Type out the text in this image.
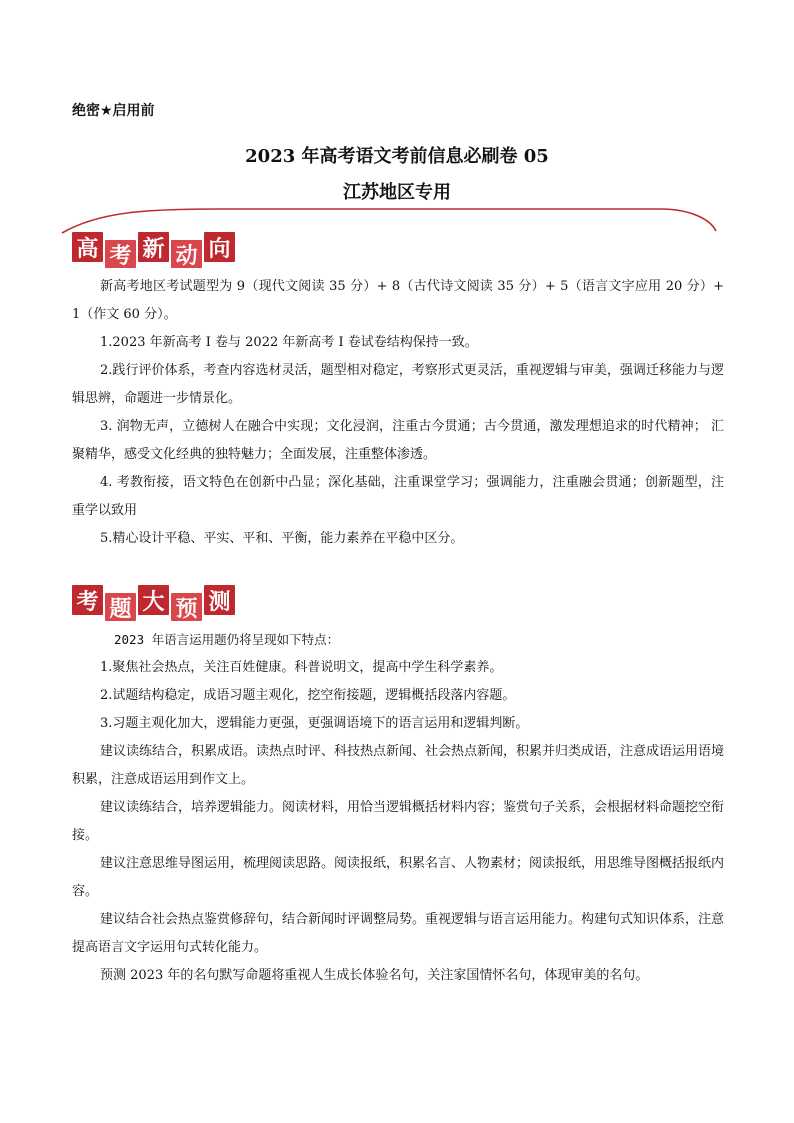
绝密★启用前
2023 年高考语文考前信息必刷卷 05
江苏地区专用
高 考 新 动 向

新高考地区考试题型为 9（现代文阅读 35 分）+ 8（古代诗文阅读 35 分）+ 5（语言文字应用 20 分）+ 1（作文 60 分）。

1.2023 年新高考 I 卷与 2022 年新高考 I 卷试卷结构保持一致。

2.践行评价体系，考查内容选材灵活，题型相对稳定，考察形式更灵活，重视逻辑与审美，强调迁移能力与逻辑思辨，命题进一步情景化。

3. 润物无声，立德树人在融合中实现；文化浸润，注重古今贯通；古今贯通，激发理想追求的时代精神； 汇聚精华，感受文化经典的独特魅力；全面发展，注重整体渗透。

4. 考教衔接，语文特色在创新中凸显；深化基础，注重课堂学习；强调能力，注重融会贯通；创新题型，注重学以致用

5.精心设计平稳、平实、平和、平衡，能力素养在平稳中区分。

考 题 大 预 测

2023 年语言运用题仍将呈现如下特点：

1.聚焦社会热点，关注百姓健康。科普说明文，提高中学生科学素养。

2.试题结构稳定，成语习题主观化，挖空衔接题，逻辑概括段落内容题。

3.习题主观化加大，逻辑能力更强，更强调语境下的语言运用和逻辑判断。

建议读练结合，积累成语。读热点时评、科技热点新闻、社会热点新闻，积累并归类成语，注意成语运用语境积累，注意成语运用到作文上。

建议读练结合，培养逻辑能力。阅读材料，用恰当逻辑概括材料内容；鉴赏句子关系，会根据材料命题挖空衔接。

建议注意思维导图运用，梳理阅读思路。阅读报纸，积累名言、人物素材；阅读报纸，用思维导图概括报纸内容。

建议结合社会热点鉴赏修辞句，结合新闻时评调整局势。重视逻辑与语言运用能力。构建句式知识体系，注意提高语言文字运用句式转化能力。

预测 2023 年的名句默写命题将重视人生成长体验名句，关注家国情怀名句，体现审美的名句。
